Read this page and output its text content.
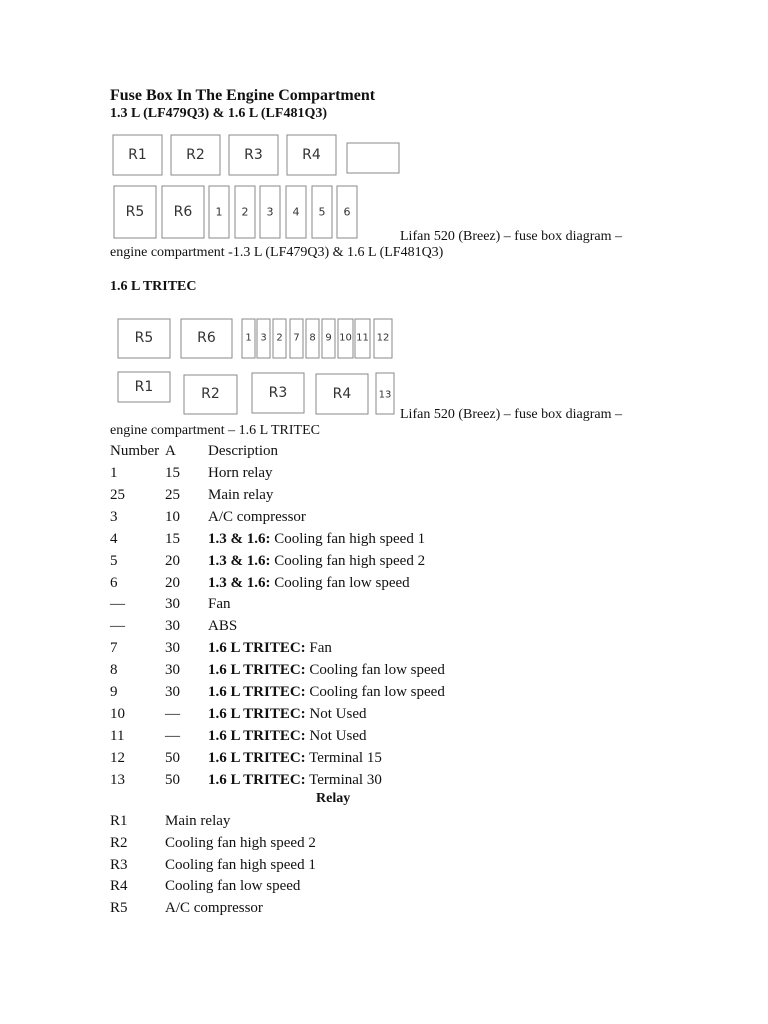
Fuse Box In The Engine Compartment
1.3 L (LF479Q3) & 1.6 L (LF481Q3)
R1	R2	R3	R4
R5 R6 1 2 3 4 5 6
Lifan 520 (Breez) – fuse box diagram –
engine compartment -1.3 L (LF479Q3) & 1.6 L (LF481Q3)
1.6 L TRITEC
R5	R6	1 3 2 7 8 9 10 11 12
R1	R2	R3	R4	13
Lifan 520 (Breez) – fuse box diagram –
engine compartment – 1.6 L TRITEC
Number A Description
1	15 Horn relay
25	25 Main relay
3	10 A/C compressor
4	15 1.3 & 1.6: Cooling fan high speed 1
5	20 1.3 & 1.6: Cooling fan high speed 2
6	20 1.3 & 1.6: Cooling fan low speed
—	30 Fan
—	30 ABS
7	30 1.6 L TRITEC: Fan
8	30 1.6 L TRITEC: Cooling fan low speed
9	30 1.6 L TRITEC: Cooling fan low speed
10	— 1.6 L TRITEC: Not Used
11	— 1.6 L TRITEC: Not Used
12	50 1.6 L TRITEC: Terminal 15
13	50 1.6 L TRITEC: Terminal 30
Relay
R1 Main relay
R2 Cooling fan high speed 2
R3 Cooling fan high speed 1
R4 Cooling fan low speed
R5 A/C compressor
